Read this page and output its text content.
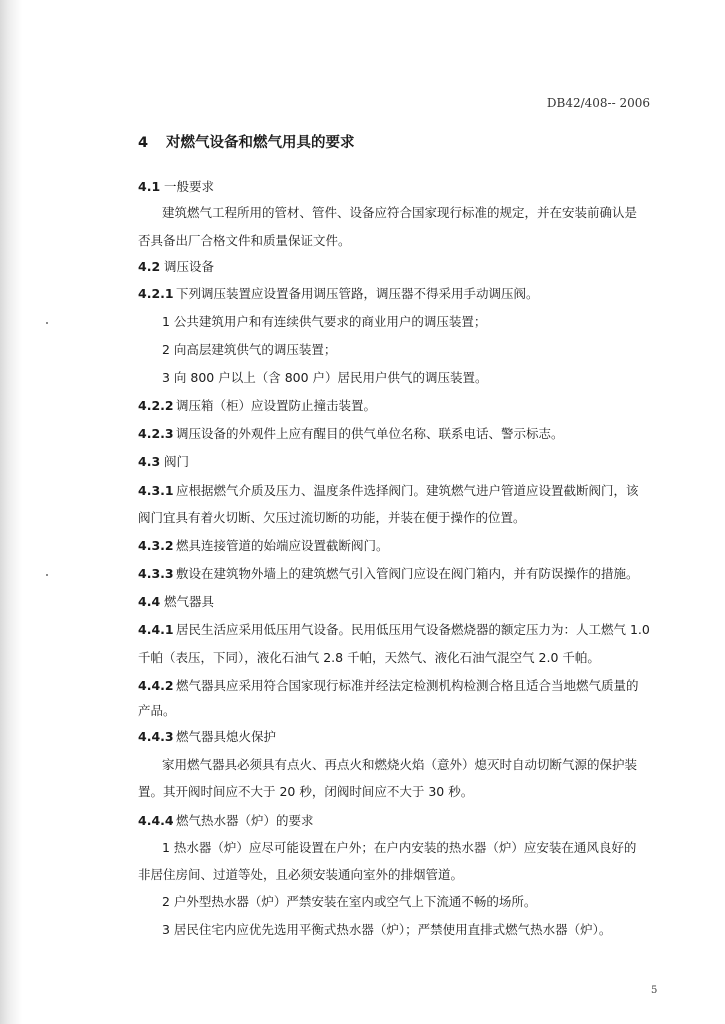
DB42/408-- 2006
4 对燃气设备和燃气用具的要求
4.1 一般要求
建筑燃气工程所用的管材、管件、设备应符合国家现行标准的规定，并在安装前确认是
否具备出厂合格文件和质量保证文件。
4.2 调压设备
4.2.1 下列调压装置应设置备用调压管路，调压器不得采用手动调压阀。
1 公共建筑用户和有连续供气要求的商业用户的调压装置；
2 向高层建筑供气的调压装置；
3 向 800 户以上（含 800 户）居民用户供气的调压装置。
4.2.2 调压箱（柜）应设置防止撞击装置。
4.2.3 调压设备的外观件上应有醒目的供气单位名称、联系电话、警示标志。
4.3 阀门
4.3.1 应根据燃气介质及压力、温度条件选择阀门。建筑燃气进户管道应设置截断阀门，该
阀门宜具有着火切断、欠压过流切断的功能，并装在便于操作的位置。
4.3.2 燃具连接管道的始端应设置截断阀门。
4.3.3 敷设在建筑物外墙上的建筑燃气引入管阀门应设在阀门箱内，并有防误操作的措施。
4.4 燃气器具
4.4.1 居民生活应采用低压用气设备。民用低压用气设备燃烧器的额定压力为：人工燃气 1.0
千帕（表压，下同），液化石油气 2.8 千帕，天然气、液化石油气混空气 2.0 千帕。
4.4.2 燃气器具应采用符合国家现行标准并经法定检测机构检测合格且适合当地燃气质量的
产品。
4.4.3 燃气器具熄火保护
家用燃气器具必须具有点火、再点火和燃烧火焰（意外）熄灭时自动切断气源的保护装
置。其开阀时间应不大于 20 秒，闭阀时间应不大于 30 秒。
4.4.4 燃气热水器（炉）的要求
1 热水器（炉）应尽可能设置在户外；在户内安装的热水器（炉）应安装在通风良好的
非居住房间、过道等处，且必须安装通向室外的排烟管道。
2 户外型热水器（炉）严禁安装在室内或空气上下流通不畅的场所。
3 居民住宅内应优先选用平衡式热水器（炉）；严禁使用直排式燃气热水器（炉）。
5
